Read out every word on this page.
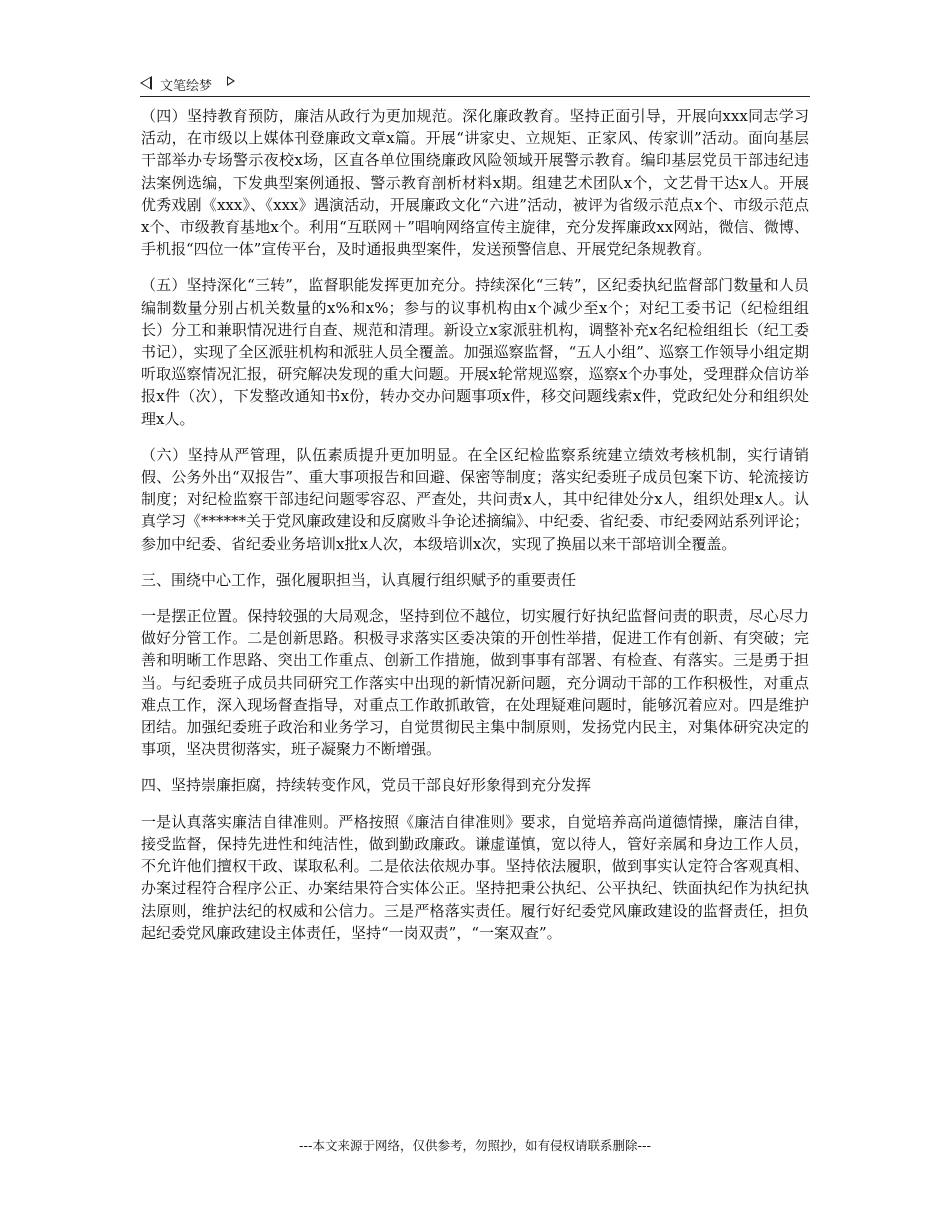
文笔绘梦

（四）坚持教育预防，廉洁从政行为更加规范。深化廉政教育。坚持正面引导，开展向xxx同志学习活动，在市级以上媒体刊登廉政文章x篇。开展“讲家史、立规矩、正家风、传家训”活动。面向基层干部举办专场警示夜校x场，区直各单位围绕廉政风险领域开展警示教育。编印基层党员干部违纪违法案例选编，下发典型案例通报、警示教育剖析材料x期。组建艺术团队x个，文艺骨干达x人。开展优秀戏剧《xxx》、《xxx》遇演活动，开展廉政文化“六进”活动，被评为省级示范点x个、市级示范点x个、市级教育基地x个。利用“互联网＋”唱响网络宣传主旋律，充分发挥廉政xx网站，微信、微博、手机报“四位一体”宣传平台，及时通报典型案件，发送预警信息、开展党纪条规教育。

（五）坚持深化“三转”，监督职能发挥更加充分。持续深化“三转”，区纪委执纪监督部门数量和人员编制数量分别占机关数量的x%和x%；参与的议事机构由x个减少至x个；对纪工委书记（纪检组组长）分工和兼职情况进行自查、规范和清理。新设立x家派驻机构，调整补充x名纪检组组长（纪工委书记），实现了全区派驻机构和派驻人员全覆盖。加强巡察监督，“五人小组”、巡察工作领导小组定期听取巡察情况汇报，研究解决发现的重大问题。开展x轮常规巡察，巡察x个办事处，受理群众信访举报x件（次），下发整改通知书x份，转办交办问题事项x件，移交问题线索x件，党政纪处分和组织处理x人。

（六）坚持从严管理，队伍素质提升更加明显。在全区纪检监察系统建立绩效考核机制，实行请销假、公务外出“双报告”、重大事项报告和回避、保密等制度；落实纪委班子成员包案下访、轮流接访制度；对纪检监察干部违纪问题零容忍、严查处，共问责x人，其中纪律处分x人，组织处理x人。认真学习《******关于党风廉政建设和反腐败斗争论述摘编》、中纪委、省纪委、市纪委网站系列评论；参加中纪委、省纪委业务培训x批x人次，本级培训x次，实现了换届以来干部培训全覆盖。

三、围绕中心工作，强化履职担当，认真履行组织赋予的重要责任

一是摆正位置。保持较强的大局观念，坚持到位不越位，切实履行好执纪监督问责的职责，尽心尽力做好分管工作。二是创新思路。积极寻求落实区委决策的开创性举措，促进工作有创新、有突破；完善和明晰工作思路、突出工作重点、创新工作措施，做到事事有部署、有检查、有落实。三是勇于担当。与纪委班子成员共同研究工作落实中出现的新情况新问题，充分调动干部的工作积极性，对重点难点工作，深入现场督查指导，对重点工作敢抓敢管，在处理疑难问题时，能够沉着应对。四是维护团结。加强纪委班子政治和业务学习，自觉贯彻民主集中制原则，发扬党内民主，对集体研究决定的事项，坚决贯彻落实，班子凝聚力不断增强。

四、坚持崇廉拒腐，持续转变作风，党员干部良好形象得到充分发挥

一是认真落实廉洁自律准则。严格按照《廉洁自律准则》要求，自觉培养高尚道德情操，廉洁自律，接受监督，保持先进性和纯洁性，做到勤政廉政。谦虚谨慎，宽以待人，管好亲属和身边工作人员，不允许他们擅权干政、谋取私利。二是依法依规办事。坚持依法履职，做到事实认定符合客观真相、办案过程符合程序公正、办案结果符合实体公正。坚持把秉公执纪、公平执纪、铁面执纪作为执纪执法原则，维护法纪的权威和公信力。三是严格落实责任。履行好纪委党风廉政建设的监督责任，担负起纪委党风廉政建设主体责任，坚持“一岗双责”，“一案双查”。

---本文来源于网络，仅供参考，勿照抄，如有侵权请联系删除---
